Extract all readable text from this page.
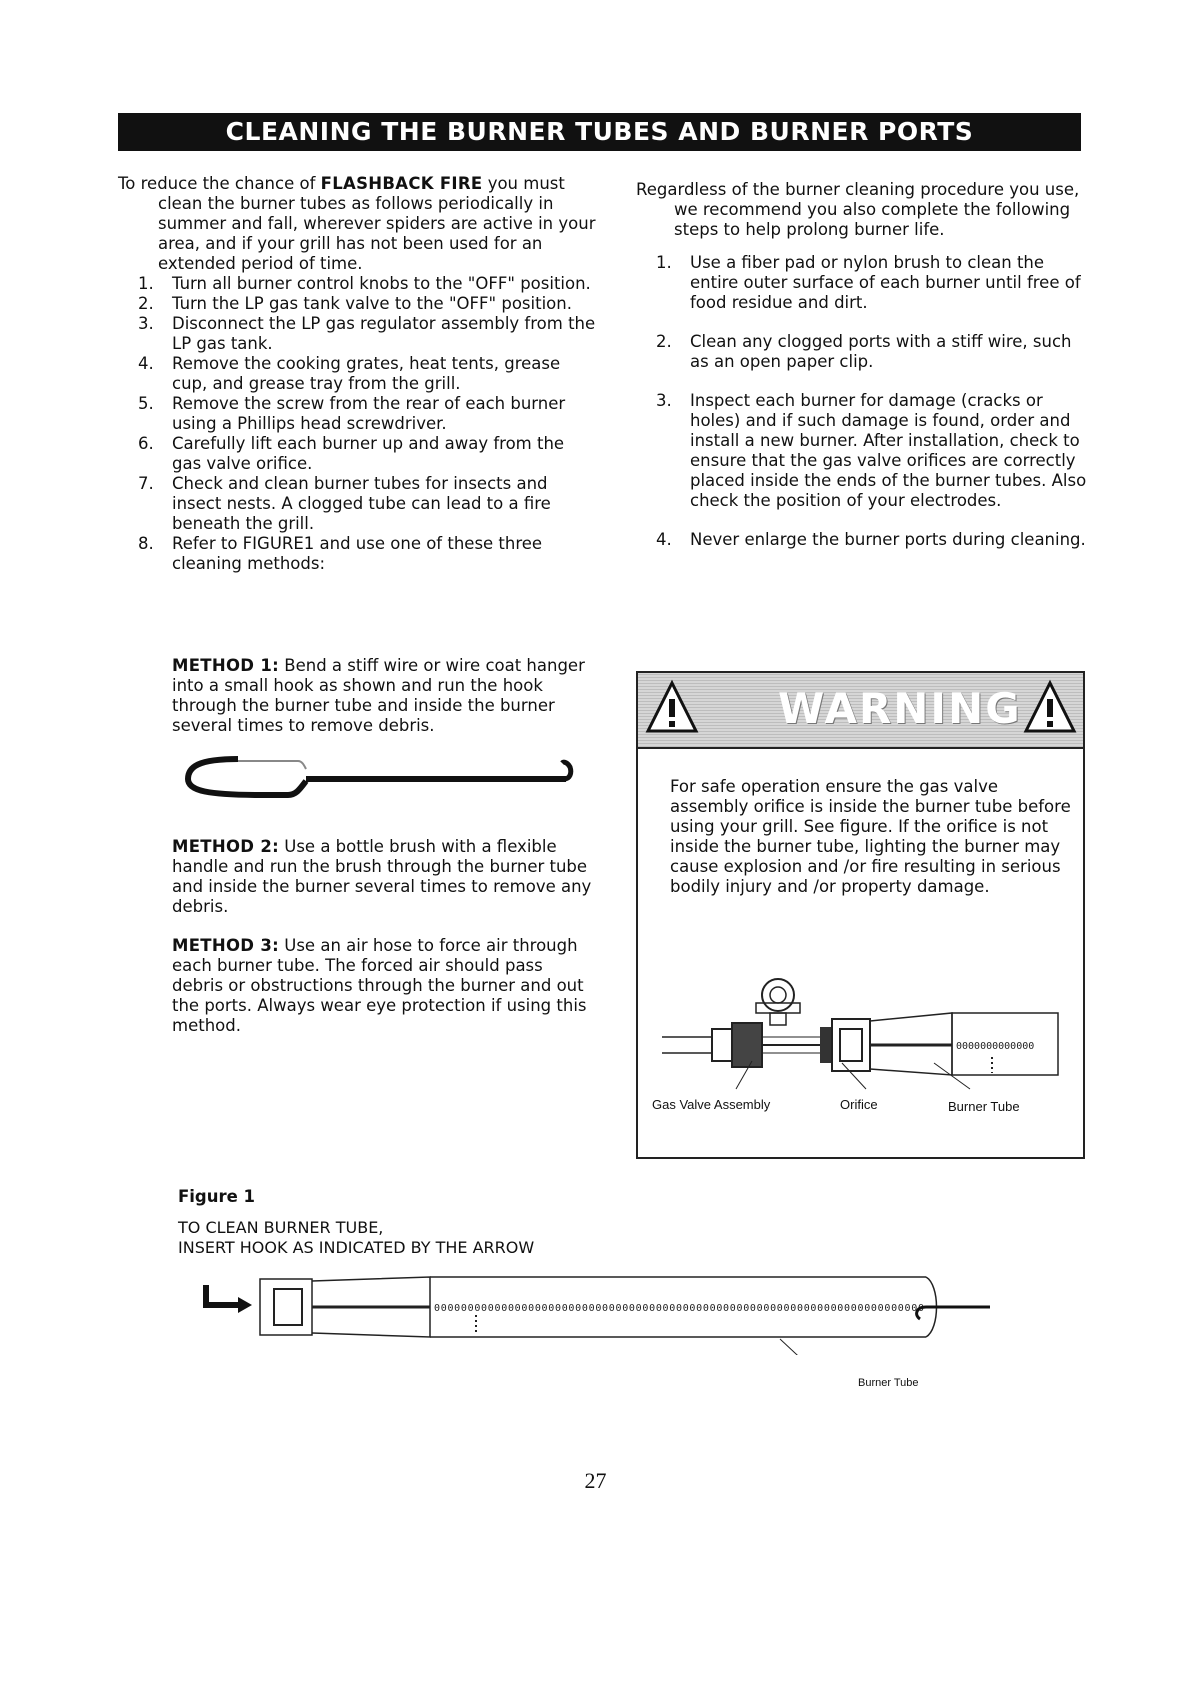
CLEANING THE BURNER TUBES AND BURNER PORTS

To reduce the chance of FLASHBACK FIRE you must clean the burner tubes as follows periodically in summer and fall, wherever spiders are active in your area, and if your grill has not been used for an extended period of time.

1. Turn all burner control knobs to the "OFF" position.
2. Turn the LP gas tank valve to the "OFF" position.
3. Disconnect the LP gas regulator assembly from the LP gas tank.
4. Remove the cooking grates, heat tents, grease cup, and grease tray from the grill.
5. Remove the screw from the rear of each burner using a Phillips head screwdriver.
6. Carefully lift each burner up and away from the gas valve orifice.
7. Check and clean burner tubes for insects and insect nests. A clogged tube can lead to a fire beneath the grill.
8. Refer to FIGURE1 and use one of these three cleaning methods:
METHOD 1: Bend a stiff wire or wire coat hanger into a small hook as shown and run the hook through the burner tube and inside the burner several times to remove debris.
METHOD 2: Use a bottle brush with a flexible handle and run the brush through the burner tube and inside the burner several times to remove any debris.
METHOD 3: Use an air hose to force air through each burner tube. The forced air should pass debris or obstructions through the burner and out the ports. Always wear eye protection if using this method.

Regardless of the burner cleaning procedure you use, we recommend you also complete the following steps to help prolong burner life.

1. Use a fiber pad or nylon brush to clean the entire outer surface of each burner until free of food residue and dirt.
2. Clean any clogged ports with a stiff wire, such as an open paper clip.
3. Inspect each burner for damage (cracks or holes) and if such damage is found, order and install a new burner. After installation, check to ensure that the gas valve orifices are correctly placed inside the ends of the burner tubes. Also check the position of your electrodes.
4. Never enlarge the burner ports during cleaning.
WARNING
For safe operation ensure the gas valve assembly orifice is inside the burner tube before using your grill. See figure. If the orifice is not inside the burner tube, lighting the burner may cause explosion and /or fire resulting in serious bodily injury and /or property damage.
0000000000000
Gas Valve Assembly	Orifice	Burner Tube
Figure 1
TO CLEAN BURNER TUBE,
INSERT HOOK AS INDICATED BY THE ARROW
0000000000000000000000000000000000000000000000000000000000000000000000000
Burner Tube
27
